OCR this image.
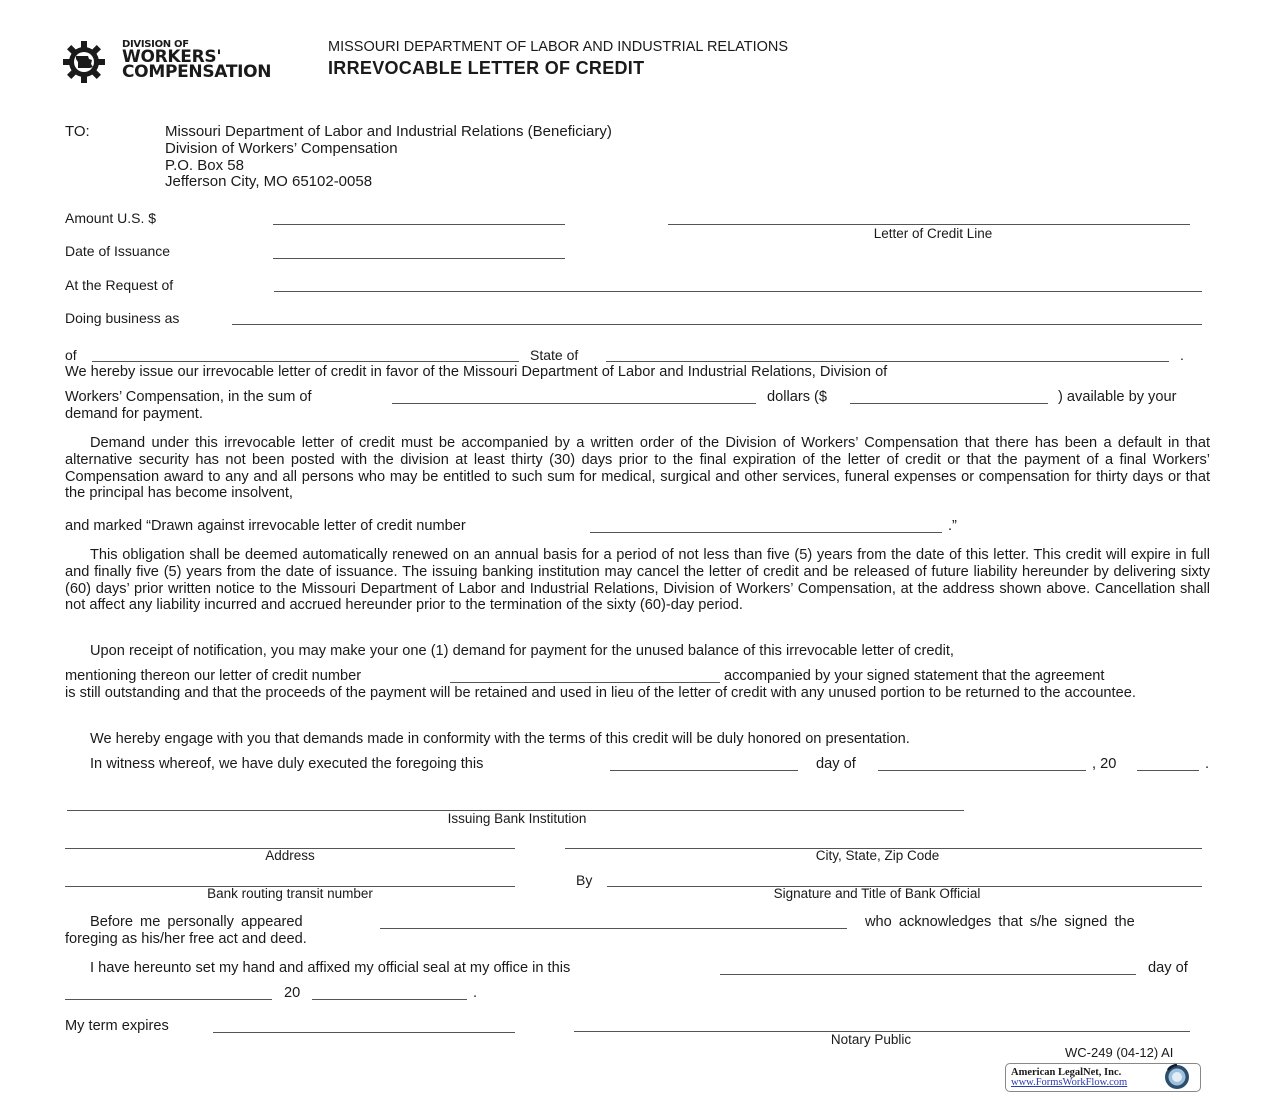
DIVISION OF
WORKERS'
COMPENSATION
MISSOURI DEPARTMENT OF LABOR AND INDUSTRIAL RELATIONS
IRREVOCABLE LETTER OF CREDIT
TO:	Missouri Department of Labor and Industrial Relations (Beneficiary)
Division of Workers’ Compensation
P.O. Box 58
Jefferson City, MO 65102-0058
Amount U.S. $
Letter of Credit Line
Date of Issuance
At the Request of
Doing business as
of	State of	.
We hereby issue our irrevocable letter of credit in favor of the Missouri Department of Labor and Industrial Relations, Division of
Workers’ Compensation, in the sum of	dollars ($	) available by your
demand for payment.
Demand under this irrevocable letter of credit must be accompanied by a written order of the Division of Workers’ Compensation that there has been a default in that alternative security has not been posted with the division at least thirty (30) days prior to the final expiration of the letter of credit or that the payment of a final Workers’ Compensation award to any and all persons who may be entitled to such sum for medical, surgical and other services, funeral expenses or compensation for thirty days or that the principal has become insolvent,
and marked “Drawn against irrevocable letter of credit number	.”
This obligation shall be deemed automatically renewed on an annual basis for a period of not less than five (5) years from the date of this letter. This credit will expire in full and finally five (5) years from the date of issuance. The issuing banking institution may cancel the letter of credit and be released of future liability hereunder by delivering sixty (60) days’ prior written notice to the Missouri Department of Labor and Industrial Relations, Division of Workers’ Compensation, at the address shown above. Cancellation shall not affect any liability incurred and accrued hereunder prior to the termination of the sixty (60)-day period.
Upon receipt of notification, you may make your one (1) demand for payment for the unused balance of this irrevocable letter of credit,
mentioning thereon our letter of credit number	accompanied by your signed statement that the agreement
is still outstanding and that the proceeds of the payment will be retained and used in lieu of the letter of credit with any unused portion to be returned to the accountee.
We hereby engage with you that demands made in conformity with the terms of this credit will be duly honored on presentation.
In witness whereof, we have duly executed the foregoing this	day of	, 20	.
Issuing Bank Institution
Address	City, State, Zip Code
Bank routing transit number
By
Signature and Title of Bank Official
Before me personally appeared	who acknowledges that s/he signed the
foreging as his/her free act and deed.
I have hereunto set my hand and affixed my official seal at my office in this	day of
20	.
My term expires
Notary Public
WC-249 (04-12) AI
American LegalNet, Inc.
www.FormsWorkFlow.com
